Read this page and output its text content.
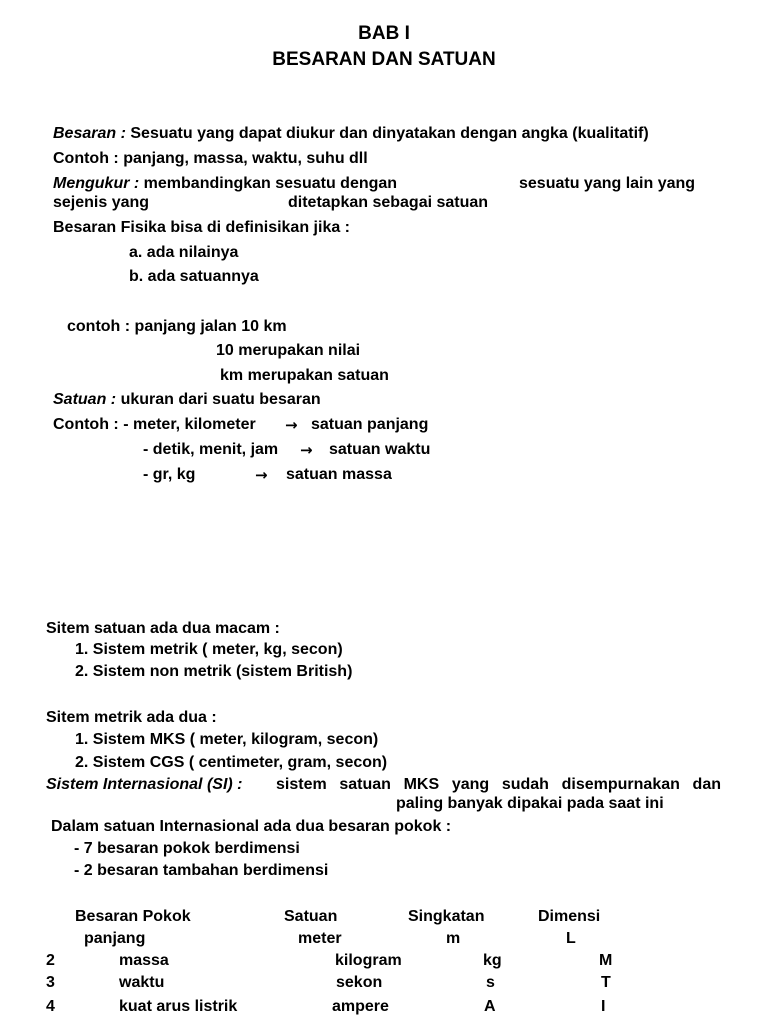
BAB I
BESARAN DAN SATUAN
Besaran : Sesuatu yang dapat diukur dan dinyatakan dengan angka (kualitatif)
Contoh : panjang, massa, waktu, suhu dll
Mengukur : membandingkan sesuatu dengan	sesuatu yang lain yang
sejenis yang	ditetapkan sebagai satuan
Besaran Fisika bisa di definisikan jika :
a. ada nilainya
b. ada satuannya
contoh : panjang jalan 10 km
10 merupakan nilai
km merupakan satuan
Satuan : ukuran dari suatu besaran
Contoh : - meter, kilometer → satuan panjang
- detik, menit, jam → satuan waktu
- gr, kg	→ satuan massa
Sitem satuan ada dua macam :
1. Sistem metrik ( meter, kg, secon)
2. Sistem non metrik (sistem British)
Sitem metrik ada dua :
1. Sistem MKS ( meter, kilogram, secon)
2. Sistem CGS ( centimeter, gram, secon)
Sistem Internasional (SI) : sistem satuan MKS yang sudah disempurnakan dan
paling banyak dipakai pada saat ini
Dalam satuan Internasional ada dua besaran pokok :
- 7 besaran pokok berdimensi
- 2 besaran tambahan berdimensi
Besaran Pokok	Satuan	Singkatan	Dimensi
panjang	meter	m	L
2	massa	kilogram	kg	M
3	waktu	sekon	s	T
4	kuat arus listrik	ampere	A	I
